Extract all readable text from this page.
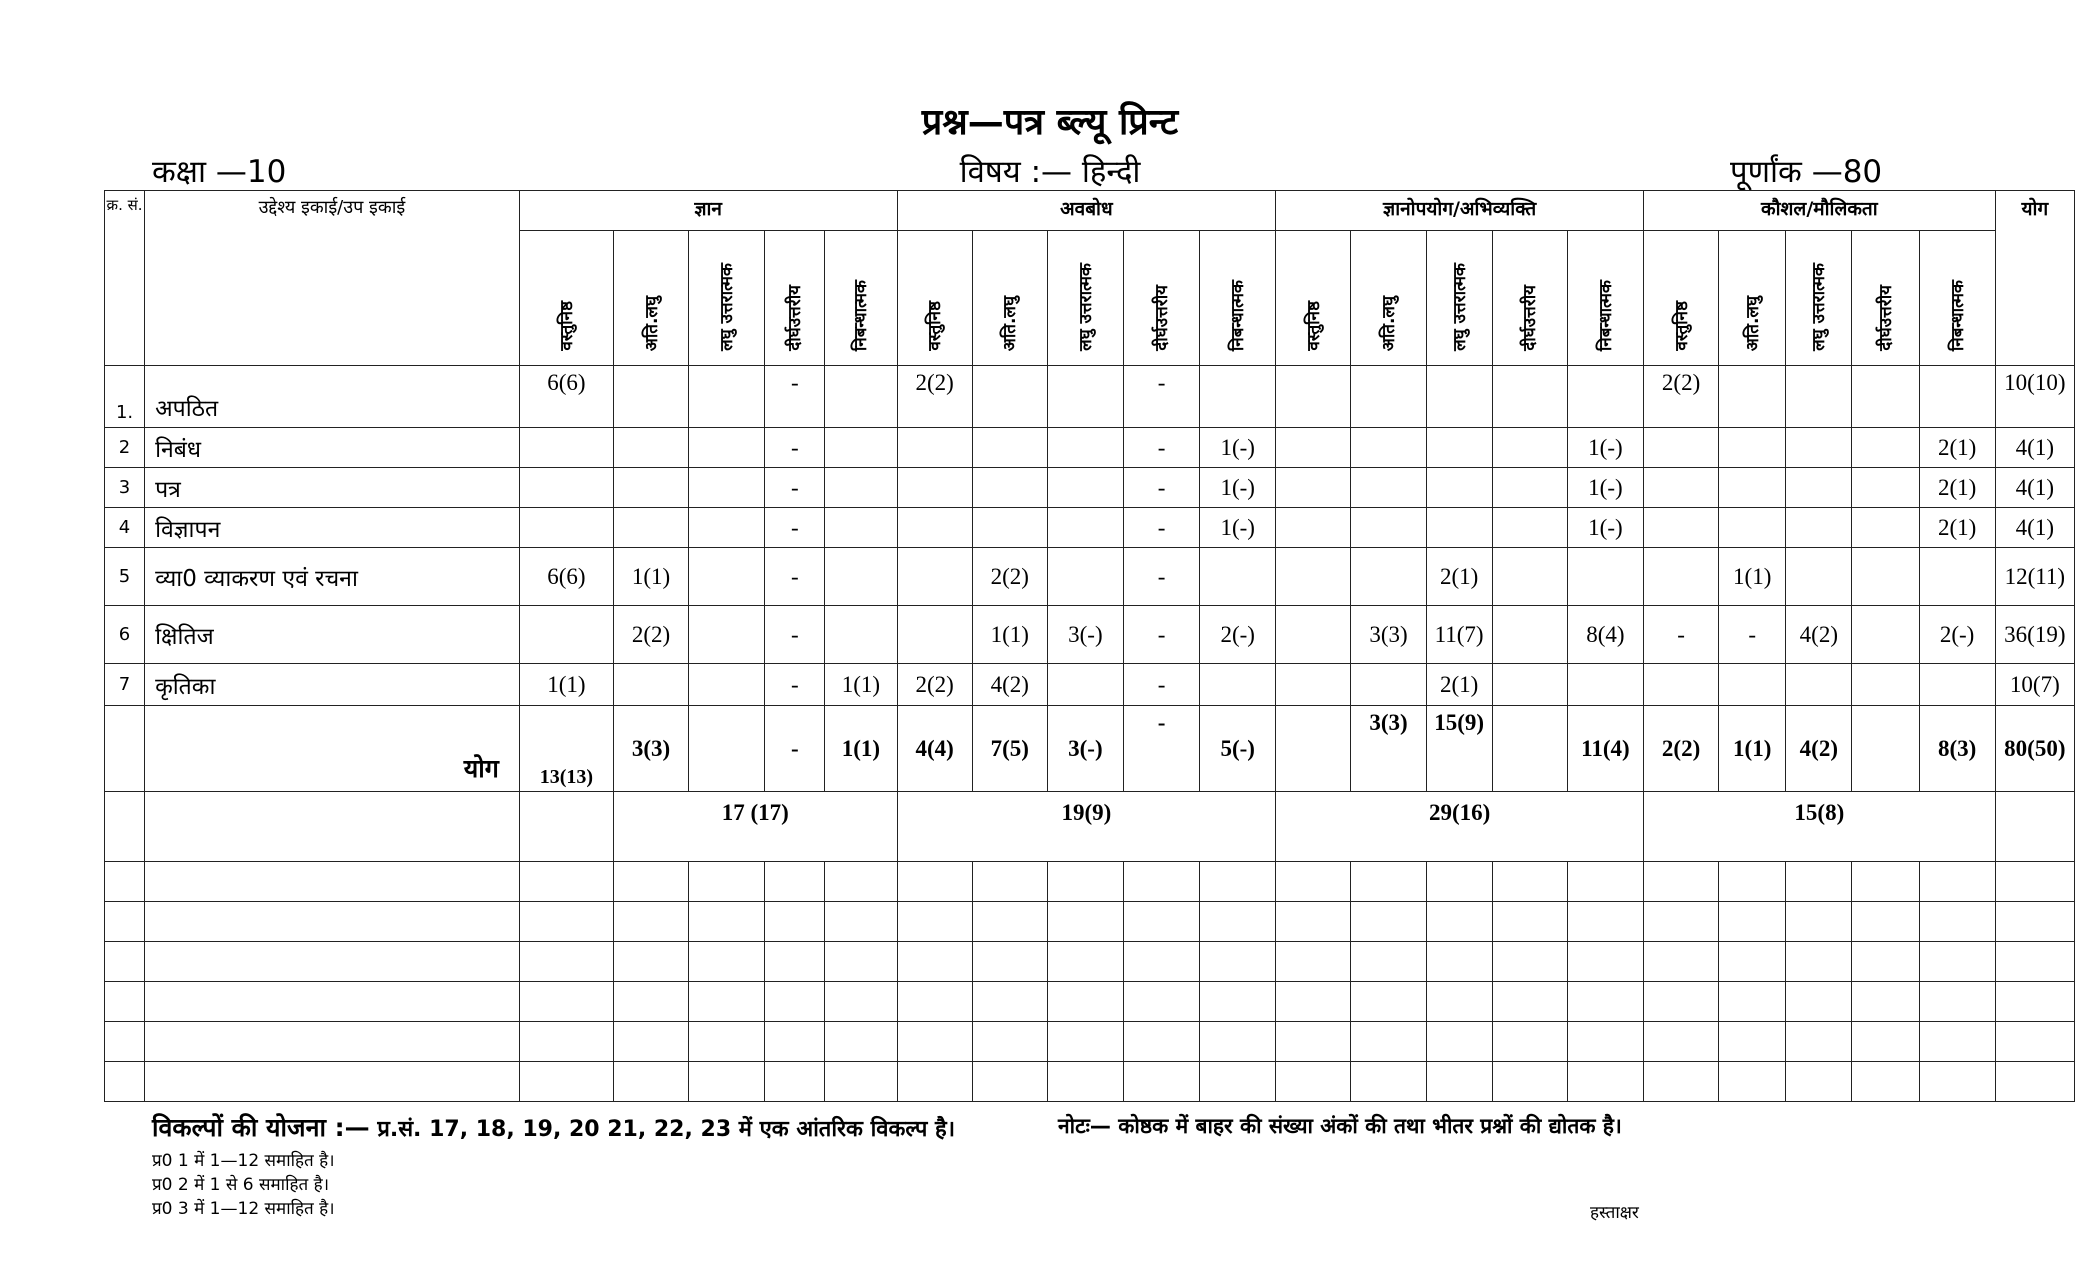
प्रश्न—पत्र ब्ल्यू प्रिन्ट
विषय :— हिन्दी
कक्षा —10	पूर्णांक —80
क्र. सं.	उद्देश्य इकाई/उप इकाई	ज्ञान					अवबोध					ज्ञानोपयोग/अभिव्यक्ति					कौशल/मौलिकता					योग
		वस्तुनिष्ठ	अति.लघु	लघु उत्तरात्मक	दीर्घउत्तरीय	निबन्धात्मक	वस्तुनिष्ठ	अति.लघु	लघु उत्तरात्मक	दीर्घउत्तरीय	निबन्धात्मक	वस्तुनिष्ठ	अति.लघु	लघु उत्तरात्मक	दीर्घउत्तरीय	निबन्धात्मक	वस्तुनिष्ठ	अति.लघु	लघु उत्तरात्मक	दीर्घउत्तरीय	निबन्धात्मक	
1.	अपठित	6(6)			-		2(2)			-							2(2)					10(10)
2	निबंध				-					-	1(-)					1(-)					2(1)	4(1)
3	पत्र				-					-	1(-)					1(-)					2(1)	4(1)
4	विज्ञापन				-					-	1(-)					1(-)					2(1)	4(1)
5	व्या0 व्याकरण एवं रचना	6(6)	1(1)		-			2(2)		-				2(1)				1(1)				12(11)
6	क्षितिज		2(2)		-			1(1)	3(-)	-	2(-)		3(3)	11(7)		8(4)	-	-	4(2)		2(-)	36(19)
7	कृतिका	1(1)			-	1(1)	2(2)	4(2)		-				2(1)								10(7)
	योग	13(13)	3(3)		-	1(1)	4(4)	7(5)	3(-)	-	5(-)		3(3)	15(9)		11(4)	2(2)	1(1)	4(2)		8(3)	80(50)
			17 (17)				19(9)					29(16)					15(8)					

विकल्पों की योजना :— प्र.सं. 17, 18, 19, 20 21, 22, 23 में एक आंतरिक विकल्प है।	नोटः— कोष्ठक में बाहर की संख्या अंकों की तथा भीतर प्रश्नों की द्योतक है।
प्र0 1 में 1—12 समाहित है।
प्र0 2 में 1 से 6 समाहित है।
प्र0 3 में 1—12 समाहित है।	हस्ताक्षर
